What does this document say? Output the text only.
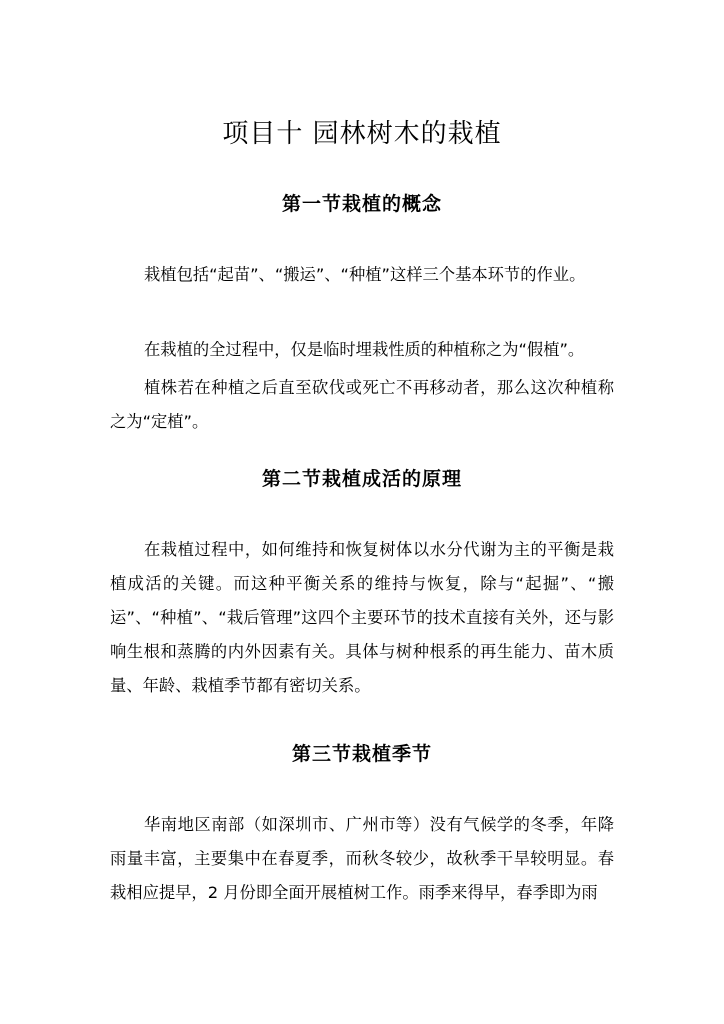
项目十 园林树木的栽植
第一节栽植的概念

栽植包括“起苗”、“搬运”、“种植”这样三个基本环节的作业。

在栽植的全过程中，仅是临时埋栽性质的种植称之为“假植”。

植株若在种植之后直至砍伐或死亡不再移动者，那么这次种植称之为“定植”。

第二节栽植成活的原理

在栽植过程中，如何维持和恢复树体以水分代谢为主的平衡是栽植成活的关键。而这种平衡关系的维持与恢复，除与“起掘”、“搬运”、“种植”、“栽后管理”这四个主要环节的技术直接有关外，还与影响生根和蒸腾的内外因素有关。具体与树种根系的再生能力、苗木质量、年龄、栽植季节都有密切关系。

第三节栽植季节

华南地区南部（如深圳市、广州市等）没有气候学的冬季，年降雨量丰富，主要集中在春夏季，而秋冬较少，故秋季干旱较明显。春栽相应提早，2 月份即全面开展植树工作。雨季来得早，春季即为雨
